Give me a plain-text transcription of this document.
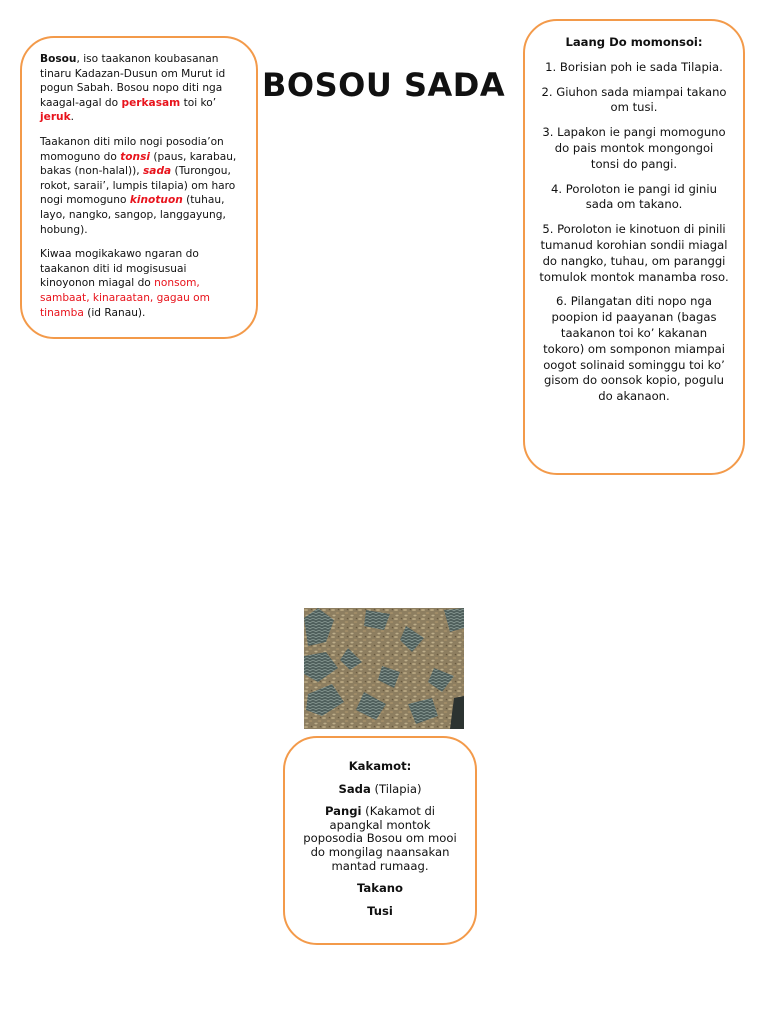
BOSOU SADA

Bosou, iso taakanon koubasanan tinaru Kadazan-Dusun om Murut id pogun Sabah. Bosou nopo diti nga kaagal-agal do perkasam toi ko’ jeruk.

Taakanon diti milo nogi posodia’on momoguno do tonsi (paus, karabau, bakas (non-halal)), sada (Turongou, rokot, saraii’, lumpis tilapia) om haro nogi momoguno kinotuon (tuhau, layo, nangko, sangop, langgayung, hobung).

Kiwaa mogikakawo ngaran do taakanon diti id mogisusuai kinoyonon miagal do nonsom, sambaat, kinaraatan, gagau om tinamba (id Ranau).

Laang Do momonsoi:

1. Borisian poh ie sada Tilapia.
2. Giuhon sada miampai takano om tusi.
3. Lapakon ie pangi momoguno do pais montok mongongoi tonsi do pangi.
4. Poroloton ie pangi id giniu sada om takano.
5. Poroloton ie kinotuon di pinili tumanud korohian sondii miagal do nangko, tuhau, om paranggi tomulok montok manamba roso.
6. Pilangatan diti nopo nga poopion id paayanan (bagas taakanon toi ko’ kakanan tokoro) om somponon miampai oogot solinaid sominggu toi ko’ gisom do oonsok kopio, pogulu do akanaon.

Kakamot:

Sada (Tilapia)

Pangi (Kakamot di apangkal montok poposodia Bosou om mooi do mongilag naansakan mantad rumaag.

Takano

Tusi
